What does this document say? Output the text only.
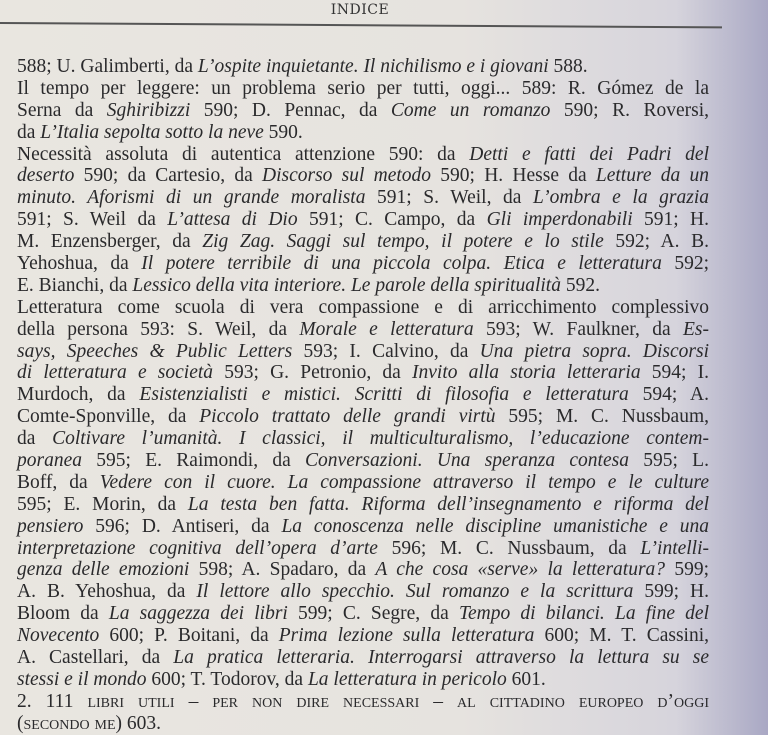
INDICE
588; U. Galimberti, da L’ospite inquietante. Il nichilismo e i giovani 588.
Il tempo per leggere: un problema serio per tutti, oggi... 589: R. Gómez de la
Serna da Sghiribizzi 590; D. Pennac, da Come un romanzo 590; R. Roversi,
da L’Italia sepolta sotto la neve 590.
Necessità assoluta di autentica attenzione 590: da Detti e fatti dei Padri del
deserto 590; da Cartesio, da Discorso sul metodo 590; H. Hesse da Letture da un
minuto. Aforismi di un grande moralista 591; S. Weil, da L’ombra e la grazia
591; S. Weil da L’attesa di Dio 591; C. Campo, da Gli imperdonabili 591; H.
M. Enzensberger, da Zig Zag. Saggi sul tempo, il potere e lo stile 592; A. B.
Yehoshua, da Il potere terribile di una piccola colpa. Etica e letteratura 592;
E. Bianchi, da Lessico della vita interiore. Le parole della spiritualità 592.
Letteratura come scuola di vera compassione e di arricchimento complessivo
della persona 593: S. Weil, da Morale e letteratura 593; W. Faulkner, da Es-
says, Speeches & Public Letters 593; I. Calvino, da Una pietra sopra. Discorsi
di letteratura e società 593; G. Petronio, da Invito alla storia letteraria 594; I.
Murdoch, da Esistenzialisti e mistici. Scritti di filosofia e letteratura 594; A.
Comte-Sponville, da Piccolo trattato delle grandi virtù 595; M. C. Nussbaum,
da Coltivare l’umanità. I classici, il multiculturalismo, l’educazione contem-
poranea 595; E. Raimondi, da Conversazioni. Una speranza contesa 595; L.
Boff, da Vedere con il cuore. La compassione attraverso il tempo e le culture
595; E. Morin, da La testa ben fatta. Riforma dell’insegnamento e riforma del
pensiero 596; D. Antiseri, da La conoscenza nelle discipline umanistiche e una
interpretazione cognitiva dell’opera d’arte 596; M. C. Nussbaum, da L’intelli-
genza delle emozioni 598; A. Spadaro, da A che cosa «serve» la letteratura? 599;
A. B. Yehoshua, da Il lettore allo specchio. Sul romanzo e la scrittura 599; H.
Bloom da La saggezza dei libri 599; C. Segre, da Tempo di bilanci. La fine del
Novecento 600; P. Boitani, da Prima lezione sulla letteratura 600; M. T. Cassini,
A. Castellari, da La pratica letteraria. Interrogarsi attraverso la lettura su se
stessi e il mondo 600; T. Todorov, da La letteratura in pericolo 601.
2. 111 libri utili – per non dire necessari – al cittadino europeo d’oggi
(secondo me) 603.
